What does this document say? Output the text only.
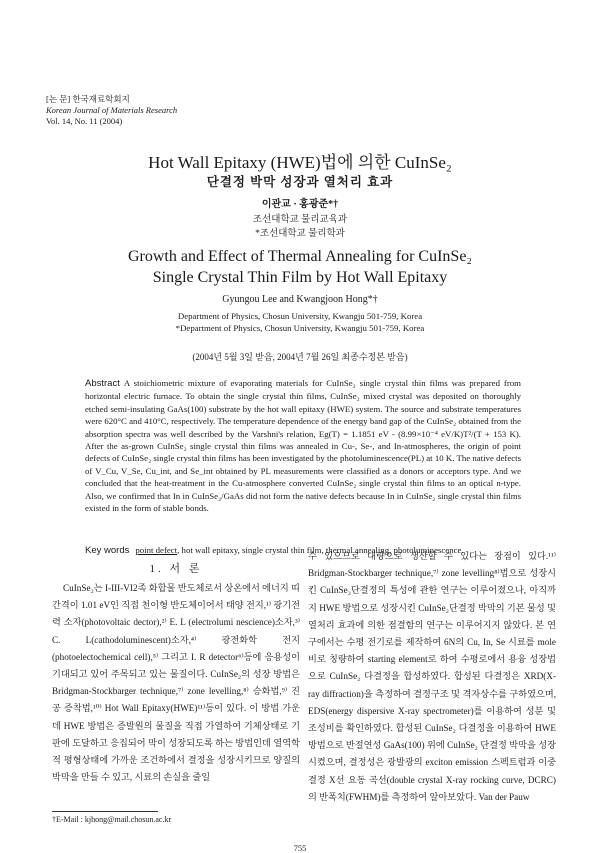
[논 문] 한국재료학회지
Korean Journal of Materials Research
Vol. 14, No. 11 (2004)
Hot Wall Epitaxy (HWE)법에 의한 CuInSe₂
단결정 박막 성장과 열처리 효과
이관교 · 홍광준*†
조선대학교 물리교육과
*조선대학교 물리학과
Growth and Effect of Thermal Annealing for CuInSe₂
Single Crystal Thin Film by Hot Wall Epitaxy
Gyungou Lee and Kwangjoon Hong*†
Department of Physics, Chosun University, Kwangju 501-759, Korea
*Department of Physics, Chosun University, Kwangju 501-759, Korea
(2004년 5월 3일 받음, 2004년 7월 26일 최종수정본 받음)
Abstract A stoichiometric mixture of evaporating materials for CuInSe₂ single crystal thin films was prepared from horizontal electric furnace. To obtain the single crystal thin films, CuInSe₂ mixed crystal was deposited on thoroughly etched semi-insulating GaAs(100) substrate by the hot wall epitaxy (HWE) system. The source and substrate temperatures were 620°C and 410°C, respectively. The temperature dependence of the energy band gap of the CuInSe₂ obtained from the absorption spectra was well described by the Varshni's relation, Eg(T) = 1.1851 eV - (8.99×10⁻⁴ eV/K)T²/(T + 153 K). After the as-grown CuInSe₂ single crystal thin films was annealed in Cu-, Se-, and In-atmospheres, the origin of point defects of CuInSe₂ single crystal thin films has been investigated by the photoluminescence(PL) at 10 K. The native defects of V_Cu, V_Se, Cu_int, and Se_int obtained by PL measurements were classified as a donors or acceptors type. And we concluded that the heat-treatment in the Cu-atmosphere converted CuInSe₂ single crystal thin films to an optical n-type. Also, we confirmed that In in CuInSe₂/GaAs did not form the native defects because In in CuInSe₂ single crystal thin films existed in the form of stable bonds.
Key words point defect, hot wall epitaxy, single crystal thin film, thermal annealing, photoluminescence.
1. 서 론

CuInSe₂는 I-III-VI2족 화합물 반도체로서 상온에서 에너지 띠간격이 1.01 eV인 직접 천이형 반도체이어서 태양 전지,¹⁾ 광기전력 소자(photovoltaic dector),²⁾ E. L (electrolumi nescience)소자,³⁾ C. L(cathodoluminescent)소자,⁴⁾ 광전화학 전지(photoelectochemical cell),⁵⁾ 그리고 I. R detector⁶⁾등에 응용성이 기대되고 있어 주목되고 있는 물질이다. CuInSe₂의 성장 방법은 Bridgman-Stockbarger technique,⁷⁾ zone levelling,⁸⁾ 승화법,⁹⁾ 진공 증착법,¹⁰⁾ Hot Wall Epitaxy(HWE)¹¹⁾등이 있다. 이 방법 가운데 HWE 방법은 증발원의 물질을 직접 가열하여 기체상태로 기판에 도달하고 응집되어 막이 성장되도록 하는 방법인데 열역학적 평형상태에 가까운 조건하에서 결정을 성장시키므로 양질의 박막을 만들 수 있고, 시료의 손실을 줄일

수 있으므로 대량으로 생산할 수 있다는 장점이 있다.¹¹⁾ Bridgman-Stockbarger technique,⁷⁾ zone levelling⁸⁾법으로 성장시킨 CuInSe₂단결정의 특성에 관한 연구는 이루어졌으나, 아직까지 HWE 방법으로 성장시킨 CuInSe₂단결정 박막의 기본 물성 및 열처리 효과에 의한 점결함의 연구는 이루어지지 않았다. 본 연구에서는 수평 전기로를 제작하여 6N의 Cu, In, Se 시료를 mole비로 칭량하여 starting element로 하여 수평로에서 용융 성장법으로 CuInSe₂ 다결정을 합성하였다. 합성된 다결정은 XRD(X-ray diffraction)을 측정하여 결정구조 및 격자상수를 구하였으며, EDS(energy dispersive X-ray spectrometer)를 이용하여 성분 및 조성비를 확인하였다. 합성된 CuInSe₂ 다결정을 이용하여 HWE 방법으로 반절연성 GaAs(100) 위에 CuInSe₂ 단결정 박막을 성장시켰으며, 결정성은 광발광의 exciton emission 스펙트럼과 이중 결정 X선 요동 곡선(double crystal X-ray rocking curve, DCRC)의 반폭치(FWHM)를 측정하여 알아보았다. Van der Pauw

†E-Mail : kjhong@mail.chosun.ac.kr
755
